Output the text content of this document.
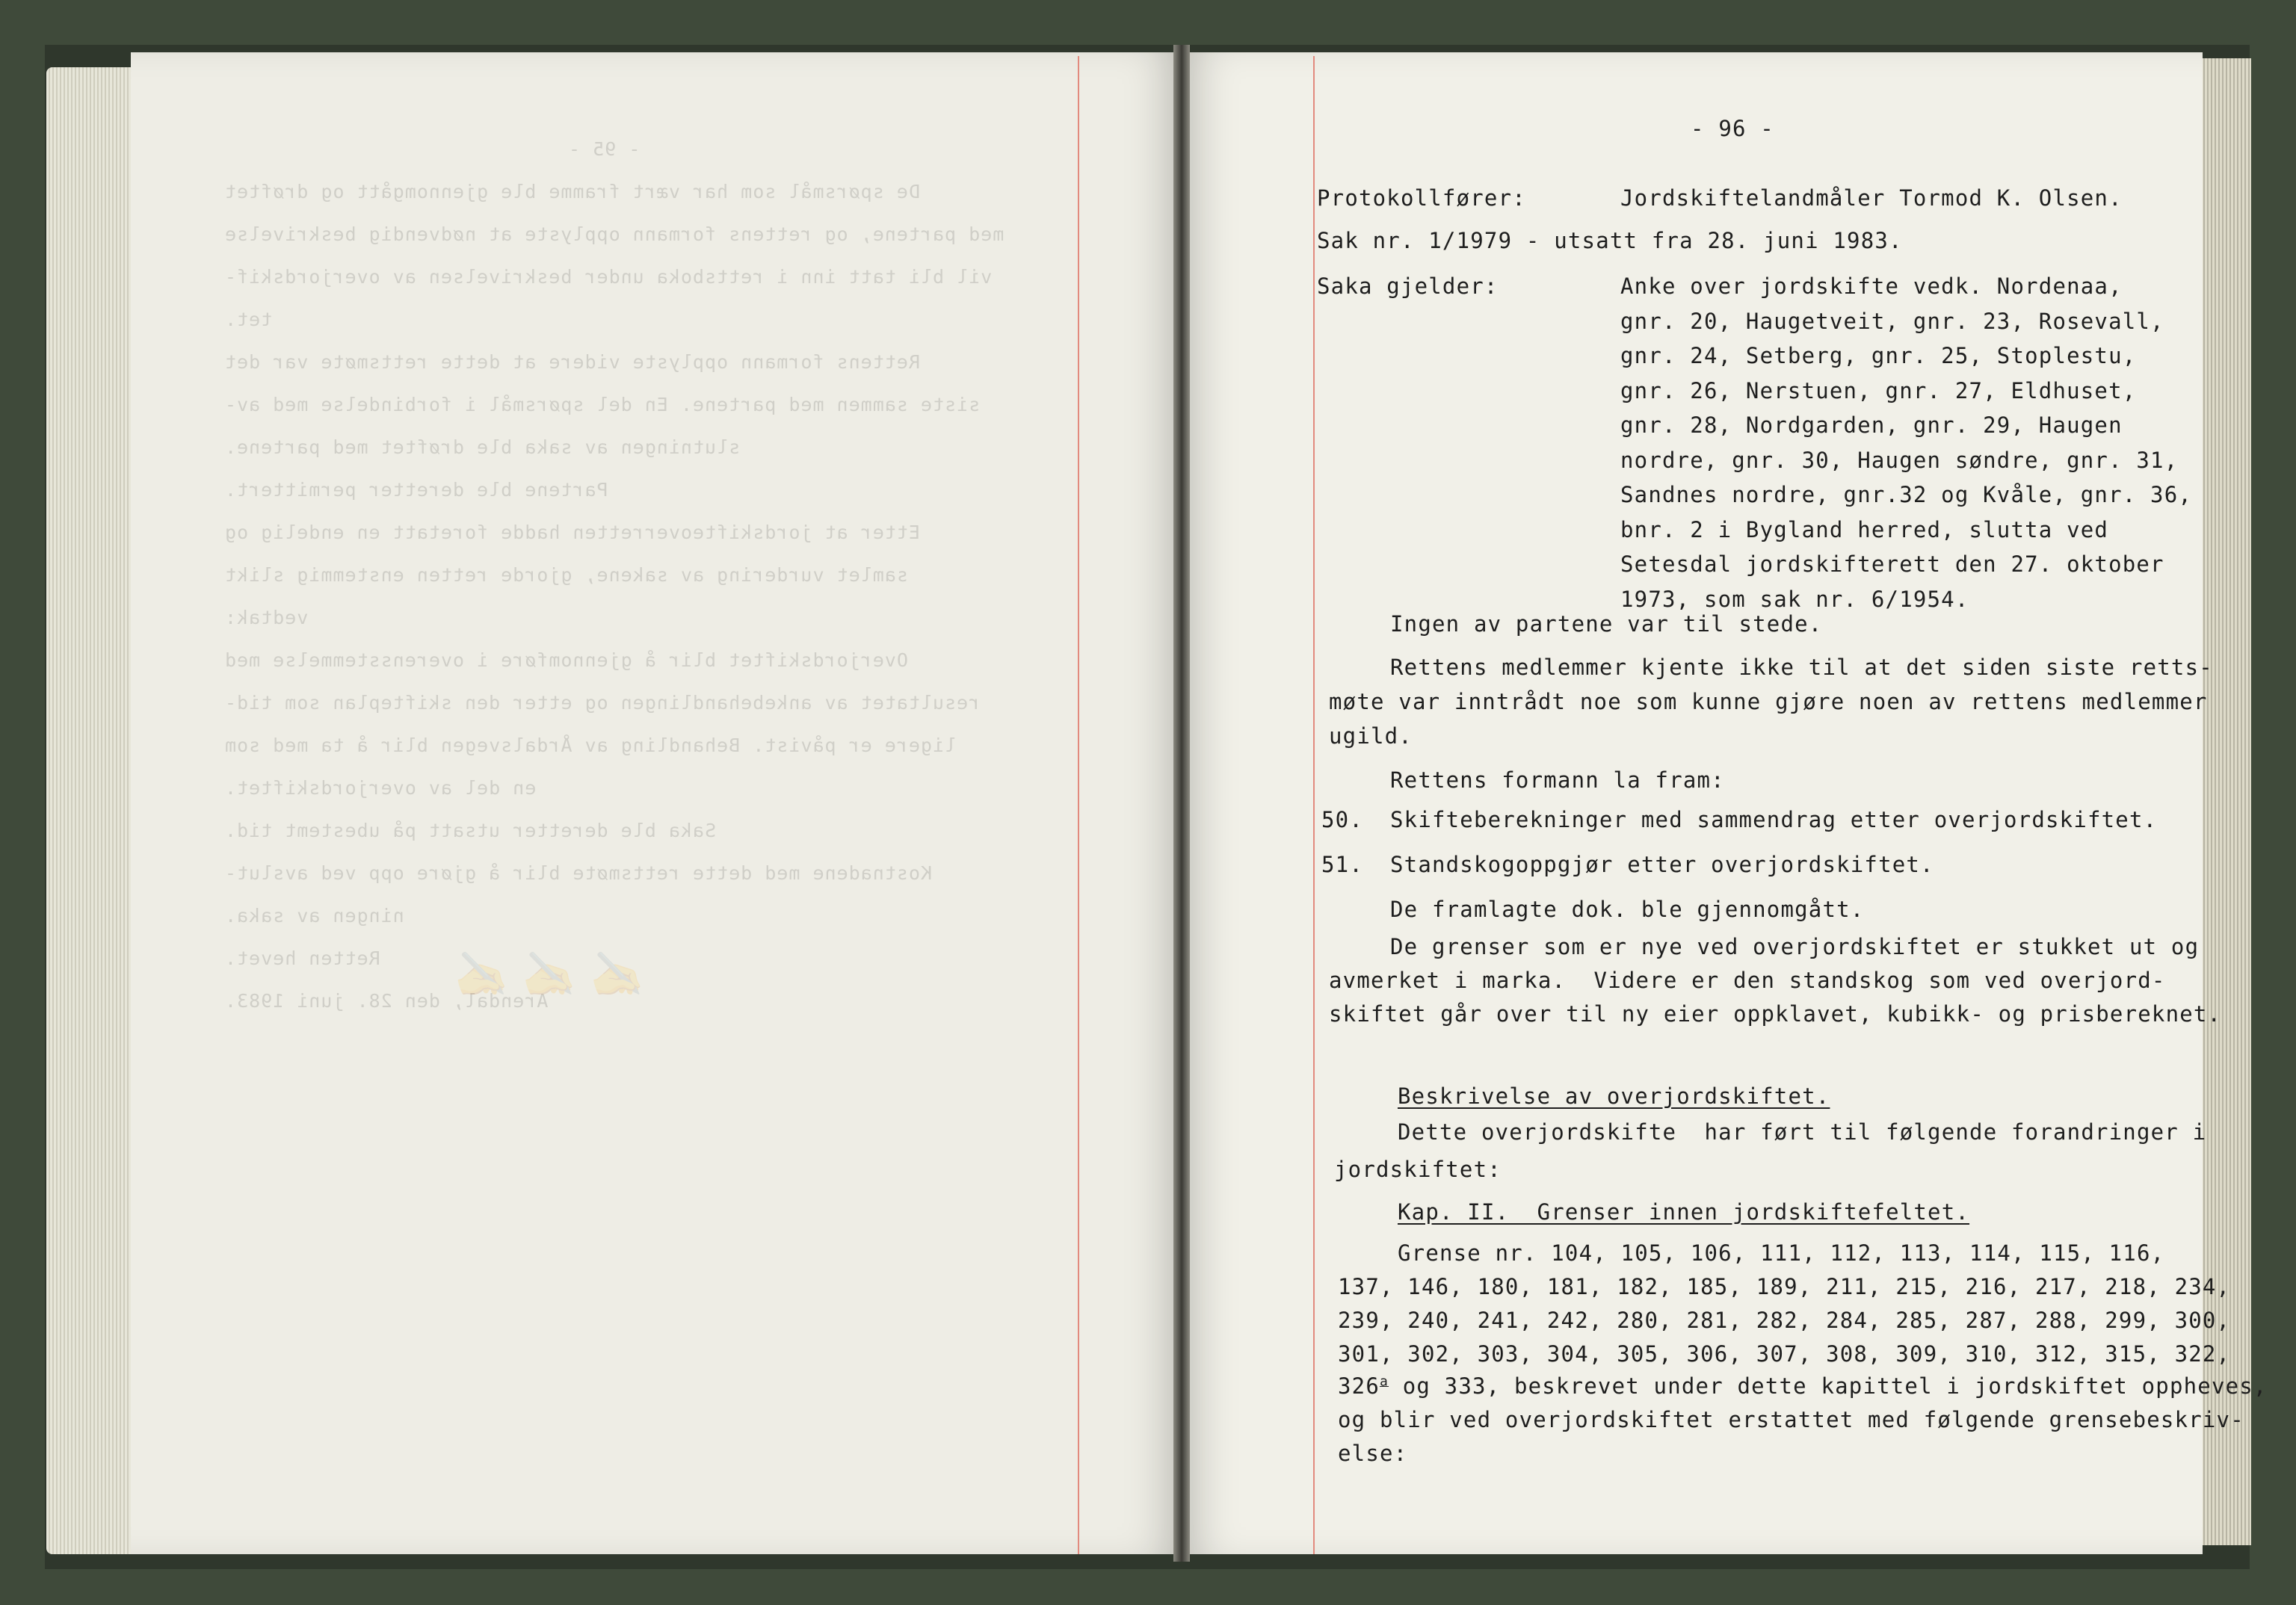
- 95 -
De spørsmål som har vært framme ble gjennomgått og drøftet
med partene, og rettens formann opplyste at nødvendig beskrivelse
vil bli tatt inn i rettsboka under beskrivelsen av overjordskif-
tet.
Rettens formann opplyste videre at dette rettsmøte var det
siste sammen med partene. En del spørsmål i forbindelse med av-
slutningen av saka ble drøftet med partene.
Partene ble deretter permittert.
Etter at jordskifteoverretten hadde foretatt en endelig og
samlet vurdering av sakene, gjorde retten enstemmig slikt
vedtak:
Overjordskiftet blir å gjennomføre i overensstemmelse med
resultatet av ankebehandlingen og etter den skiftеplan som tid-
ligere er påvist. Behandling av Årdalsvegen blir å ta med som
en del av overjordskiftet.
Saka ble deretter utsatt på ubestemt tid.
Kostnadene med dette rettsmøte blir å gjøre opp ved avslut-
ningen av saka.
Retten hevet.
Arendal, den 28. juni 1983.
✍ ✍ ✍
- 96 -
Protokollfører:	Jordskiftelandmåler Tormod K. Olsen.
Sak nr. 1/1979 - utsatt fra 28. juni 1983.
Saka gjelder:	Anke over jordskifte vedk. Nordenaa,
gnr. 20, Haugetveit, gnr. 23, Rosevall,
gnr. 24, Setberg, gnr. 25, Stoplestu,
gnr. 26, Nerstuen, gnr. 27, Eldhuset,
gnr. 28, Nordgarden, gnr. 29, Haugen
nordre, gnr. 30, Haugen søndre, gnr. 31,
Sandnes nordre, gnr.32 og Kvåle, gnr. 36,
bnr. 2 i Bygland herred, slutta ved
Setesdal jordskifterett den 27. oktober
1973, som sak nr. 6/1954.
Ingen av partene var til stede.
Rettens medlemmer kjente ikke til at det siden siste retts-
møte var inntrådt noe som kunne gjøre noen av rettens medlemmer
ugild.
Rettens formann la fram:
50. Skifteberekninger med sammendrag etter overjordskiftet.
51. Standskogoppgjør etter overjordskiftet.
De framlagte dok. ble gjennomgått.
De grenser som er nye ved overjordskiftet er stukket ut og
avmerket i marka.  Videre er den standskog som ved overjord-
skiftet går over til ny eier oppklavet, kubikk- og prisbereknet.
Beskrivelse av overjordskiftet.
Dette overjordskifte  har ført til følgende forandringer i
jordskiftet:
Kap. II.  Grenser innen jordskiftefeltet.
Grense nr. 104, 105, 106, 111, 112, 113, 114, 115, 116,
137, 146, 180, 181, 182, 185, 189, 211, 215, 216, 217, 218, 234,
239, 240, 241, 242, 280, 281, 282, 284, 285, 287, 288, 299, 300,
301, 302, 303, 304, 305, 306, 307, 308, 309, 310, 312, 315, 322,
326$^a$ og 333, beskrevet under dette kapittel i jordskiftet oppheves,
og blir ved overjordskiftet erstattet med følgende grensebeskriv-
else:
